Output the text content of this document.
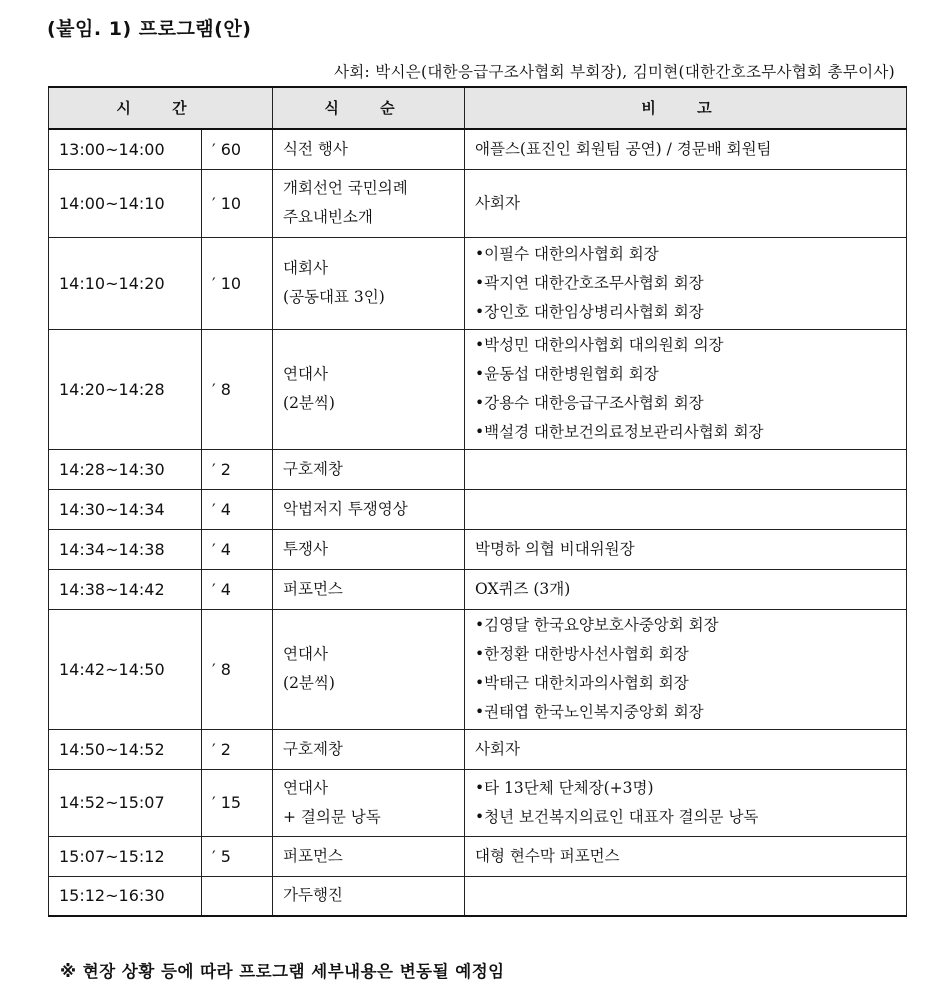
(붙임. 1) 프로그램(안)
사회: 박시은(대한응급구조사협회 부회장), 김미현(대한간호조무사협회 총무이사)
시 간		식 순	비 고
13:00~14:00	′ 60	식전 행사	애플스(표진인 회원팀 공연) / 경문배 회원팀

14:00~14:10	′ 10	개회선언 국민의례
주요내빈소개	사회자

14:10~14:20	′ 10	대회사
(공동대표 3인)	•이필수 대한의사협회 회장
•곽지연 대한간호조무사협회 회장
•장인호 대한임상병리사협회 회장

14:20~14:28	′ 8	연대사
(2분씩)	•박성민 대한의사협회 대의원회 의장
•윤동섭 대한병원협회 회장
•강용수 대한응급구조사협회 회장
•백설경 대한보건의료정보관리사협회 회장

14:28~14:30	′ 2	구호제창	

14:30~14:34	′ 4	악법저지 투쟁영상	

14:34~14:38	′ 4	투쟁사	박명하 의협 비대위원장

14:38~14:42	′ 4	퍼포먼스	OX퀴즈 (3개)

14:42~14:50	′ 8	연대사
(2분씩)	•김영달 한국요양보호사중앙회 회장
•한정환 대한방사선사협회 회장
•박태근 대한치과의사협회 회장
•권태엽 한국노인복지중앙회 회장

14:50~14:52	′ 2	구호제창	사회자

14:52~15:07	′ 15	연대사
+ 결의문 낭독	•타 13단체 단체장(+3명)
•청년 보건복지의료인 대표자 결의문 낭독

15:07~15:12	′ 5	퍼포먼스	대형 현수막 퍼포먼스

15:12~16:30		가두행진	

※ 현장 상황 등에 따라 프로그램 세부내용은 변동될 예정임
